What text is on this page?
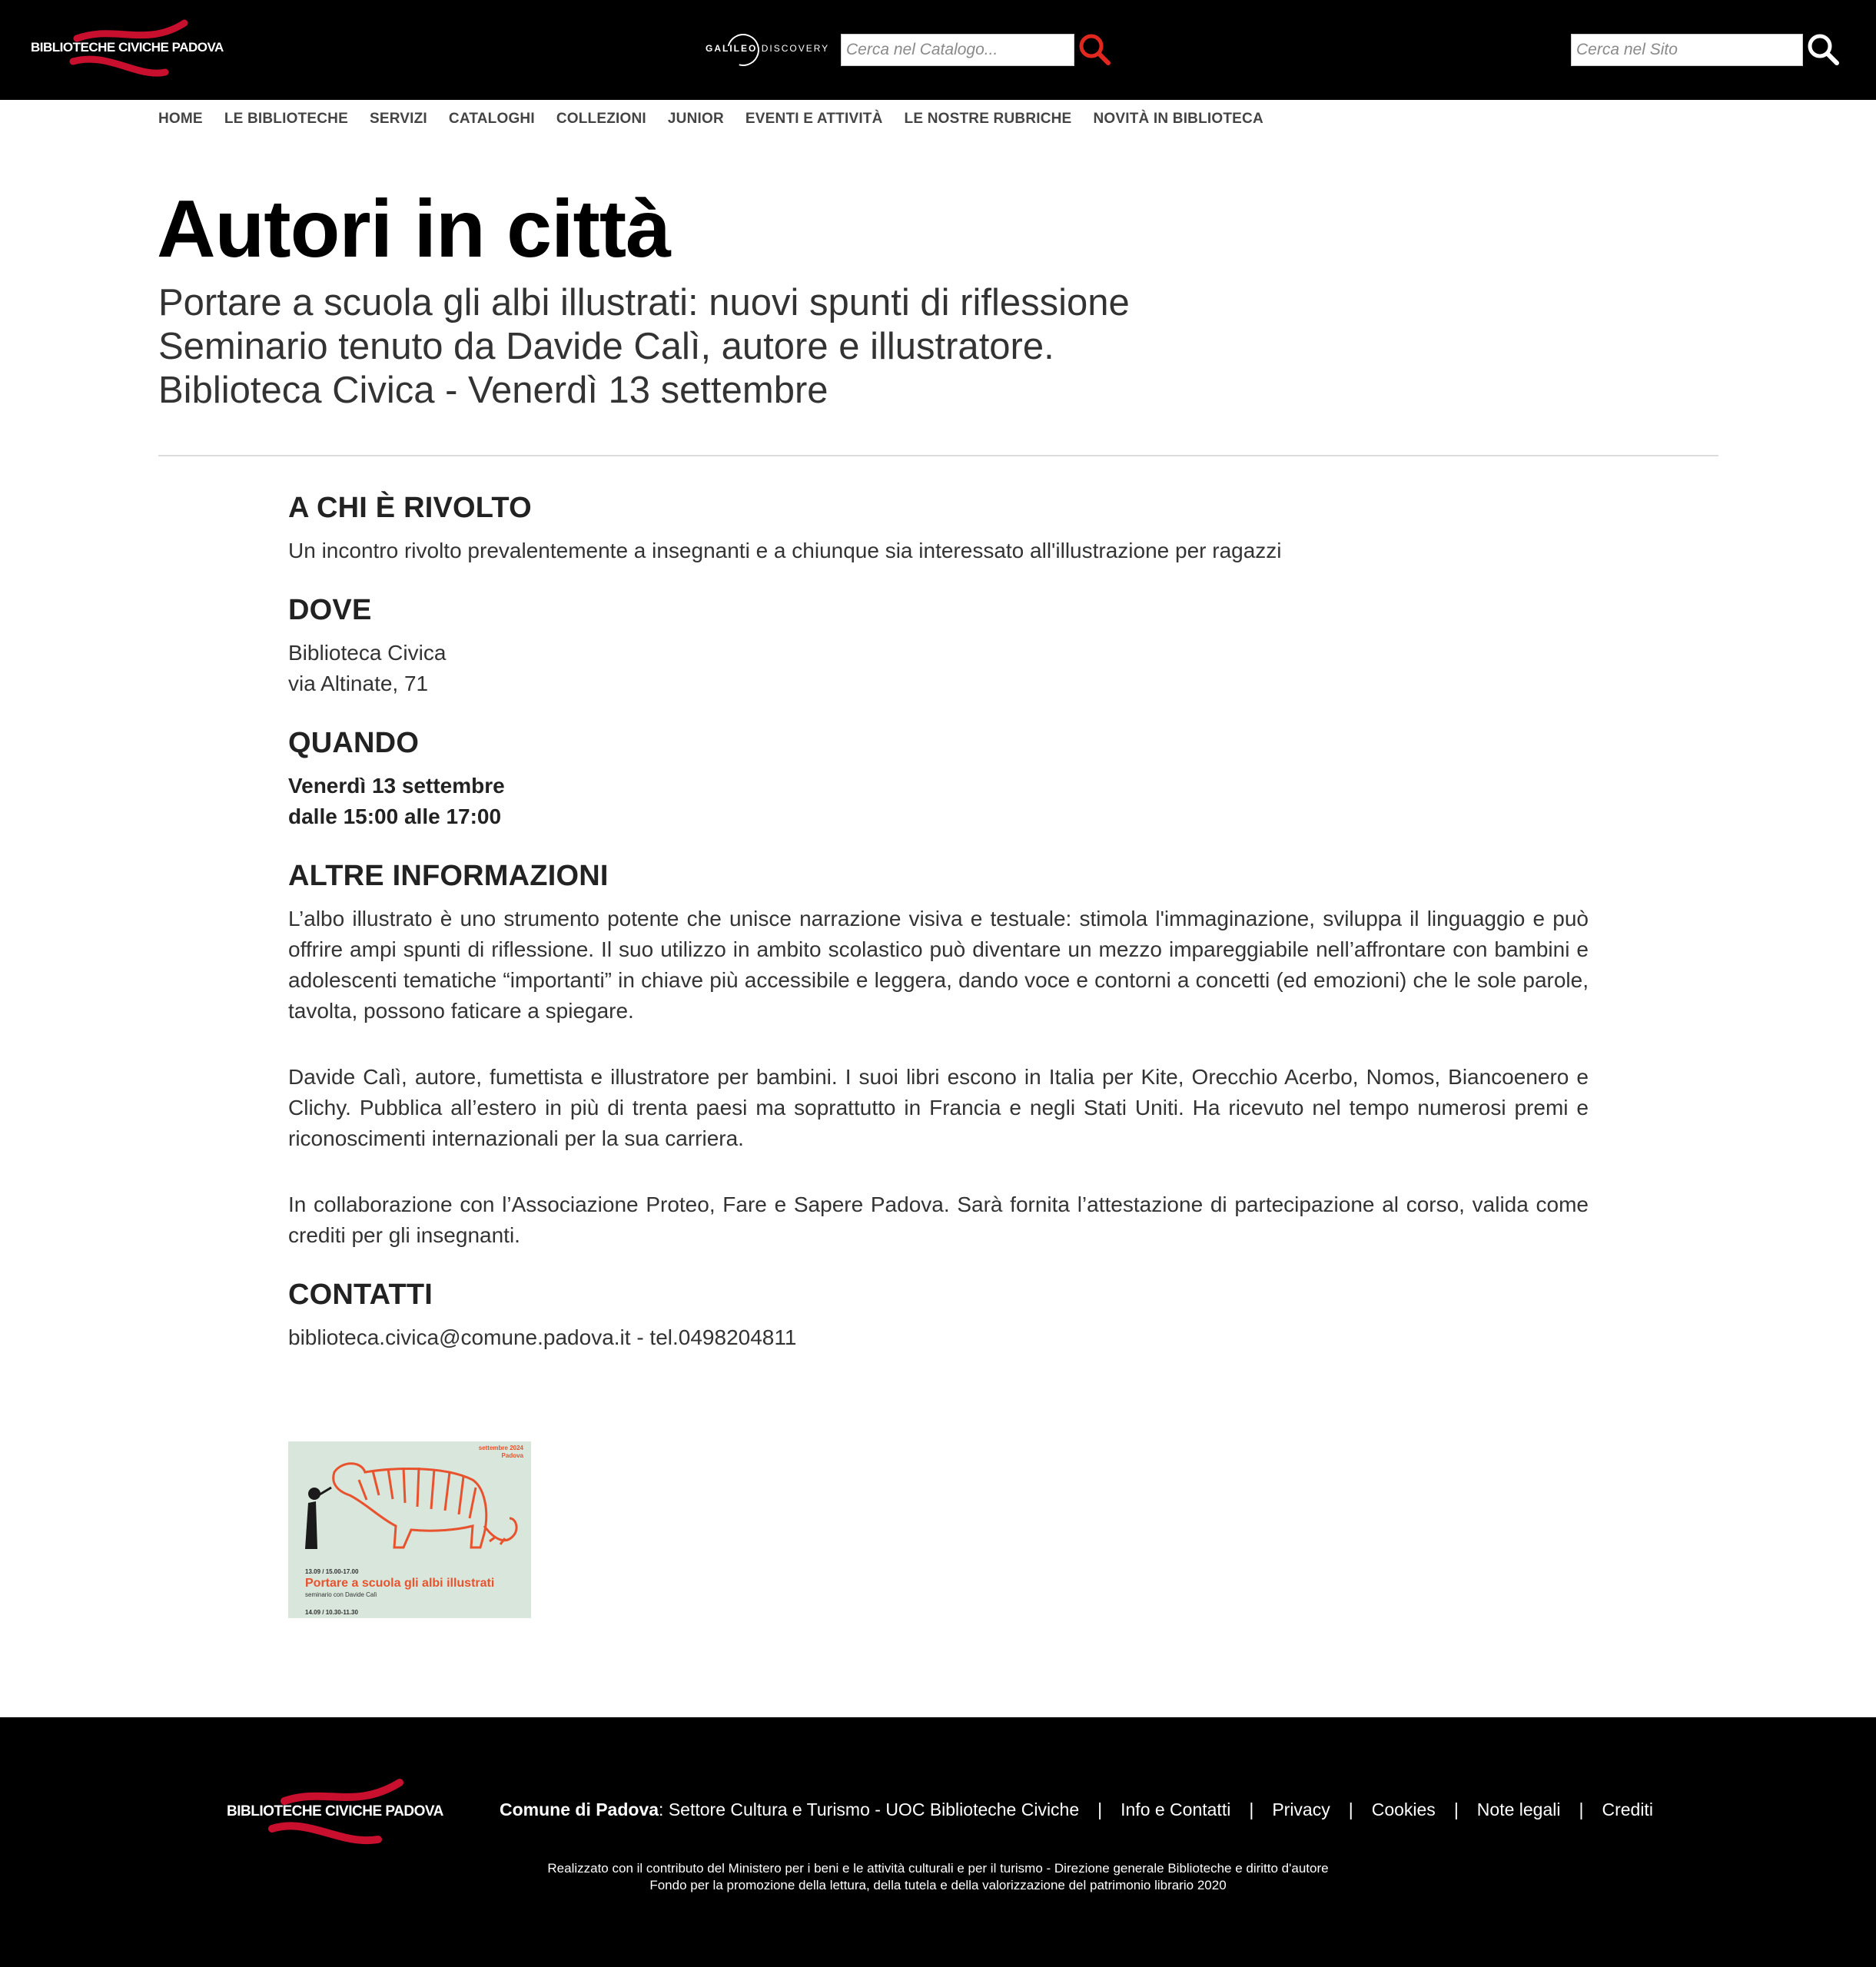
BIBLIOTECHE CIVICHE PADOVA	GALILEO DISCOVERY
Cerca nel Catalogo...
Cerca nel Sito
HOME LE BIBLIOTECHE SERVIZI CATALOGHI COLLEZIONI JUNIOR EVENTI E ATTIVITÀ LE NOSTRE RUBRICHE NOVITÀ IN BIBLIOTECA
Autori in città
Portare a scuola gli albi illustrati: nuovi spunti di riflessione
Seminario tenuto da Davide Calì, autore e illustratore.
Biblioteca Civica - Venerdì 13 settembre
A CHI È RIVOLTO

Un incontro rivolto prevalentemente a insegnanti e a chiunque sia interessato all'illustrazione per ragazzi

DOVE

Biblioteca Civica

via Altinate, 71

QUANDO

Venerdì 13 settembre

dalle 15:00 alle 17:00

ALTRE INFORMAZIONI

L’albo illustrato è uno strumento potente che unisce narrazione visiva e testuale: stimola l'immaginazione, sviluppa il linguaggio e può offrire ampi spunti di riflessione. Il suo utilizzo in ambito scolastico può diventare un mezzo impareggiabile nell’affrontare con bambini e adolescenti tematiche “importanti” in chiave più accessibile e leggera, dando voce e contorni a concetti (ed emozioni) che le sole parole, tavolta, possono faticare a spiegare.

Davide Calì, autore, fumettista e illustratore per bambini. I suoi libri escono in Italia per Kite, Orecchio Acerbo, Nomos, Biancoenero e Clichy. Pubblica all’estero in più di trenta paesi ma soprattutto in Francia e negli Stati Uniti. Ha ricevuto nel tempo numerosi premi e riconoscimenti internazionali per la sua carriera.

In collaborazione con l’Associazione Proteo, Fare e Sapere Padova. Sarà fornita l’attestazione di partecipazione al corso, valida come crediti per gli insegnanti.

CONTATTI

biblioteca.civica@comune.padova.it - tel.0498204811

settembre 2024
Padova
13.09 / 15.00-17.00
Portare a scuola gli albi illustrati
seminario con Davide Calì
14.09 / 10.30-11.30
BIBLIOTECHE CIVICHE PADOVA	Comune di Padova: Settore Cultura e Turismo - UOC Biblioteche Civiche | Info e Contatti | Privacy | Cookies | Note legali | Crediti
Realizzato con il contributo del Ministero per i beni e le attività culturali e per il turismo - Direzione generale Biblioteche e diritto d'autore
Fondo per la promozione della lettura, della tutela e della valorizzazione del patrimonio librario 2020
